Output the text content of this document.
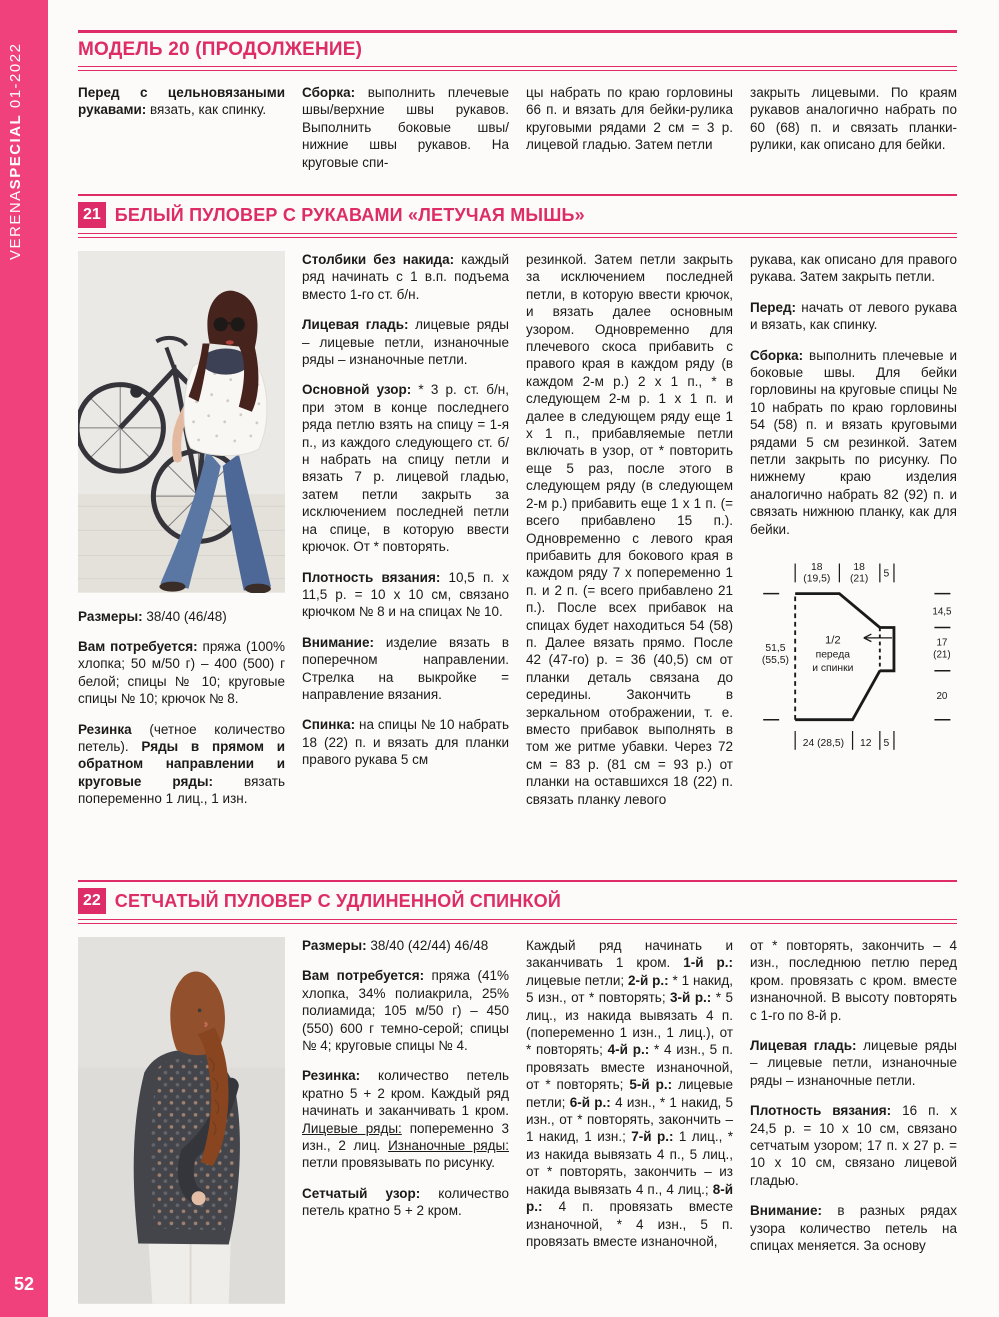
VERENASPECIAL 01-2022
52
МОДЕЛЬ 20 (ПРОДОЛЖЕНИЕ)

Перед с цельновязаными рукавами: вязать, как спинку.

Сборка: выполнить плечевые швы/верхние швы рукавов. Выполнить боковые швы/нижние швы рукавов. На круговые спи-

цы набрать по краю горловины 66 п. и вязать для бейки-рулика круговыми рядами 2 см = 3 р. лицевой гладью. Затем петли

закрыть лицевыми. По краям рукавов аналогично набрать по 60 (68) п. и связать планки-рулики, как описано для бейки.

21 БЕЛЫЙ ПУЛОВЕР С РУКАВАМИ «ЛЕТУЧАЯ МЫШЬ»

Размеры: 38/40 (46/48)

Вам потребуется: пряжа (100% хлопка; 50 м/50 г) – 400 (500) г белой; спицы № 10; круговые спицы № 10; крючок № 8.

Резинка (четное количество петель). Ряды в прямом и обратном направлении и круговые ряды: вязать попеременно 1 лиц., 1 изн.

Столбики без накида: каждый ряд начинать с 1 в.п. подъема вместо 1-го ст. б/н.

Лицевая гладь: лицевые ряды – лицевые петли, изнаночные ряды – изнаночные петли.

Основной узор: * 3 р. ст. б/н, при этом в конце последнего ряда петлю взять на спицу = 1-я п., из каждого следующего ст. б/н набрать на спицу петли и вязать 7 р. лицевой гладью, затем петли закрыть за исключением последней петли на спице, в которую ввести крючок. От * повторять.

Плотность вязания: 10,5 п. x 11,5 р. = 10 x 10 см, связано крючком № 8 и на спицах № 10.

Внимание: изделие вязать в поперечном направлении. Стрелка на выкройке = направление вязания.

Спинка: на спицы № 10 набрать 18 (22) п. и вязать для планки правого рукава 5 см

резинкой. Затем петли закрыть за исключением последней петли, в которую ввести крючок, и вязать далее основным узором. Одновременно для плечевого скоса прибавить с правого края в каждом ряду (в каждом 2-м р.) 2 x 1 п., * в следующем 2-м р. 1 x 1 п. и далее в следующем ряду еще 1 x 1 п., прибавляемые петли включать в узор, от * повторить еще 5 раз, после этого в следующем ряду (в следующем 2-м р.) прибавить еще 1 x 1 п. (= всего прибавлено 15 п.). Одновременно с левого края прибавить для бокового края в каждом ряду 7 x попеременно 1 п. и 2 п. (= всего прибавлено 21 п.). После всех прибавок на спицах будет находиться 54 (58) п. Далее вязать прямо. После 42 (47-го) р. = 36 (40,5) см от планки деталь связана до середины. Закончить в зеркальном отображении, т. е. вместо прибавок выполнять в том же ритме убавки. Через 72 см = 83 р. (81 см = 93 р.) от планки на оставшихся 18 (22) п. связать планку левого

рукава, как описано для правого рукава. Затем закрыть петли.

Перед: начать от левого рукава и вязать, как спинку.

Сборка: выполнить плечевые и боковые швы. Для бейки горловины на круговые спицы № 10 набрать по краю горловины 54 (58) п. и вязать круговыми рядами 5 см резинкой. Затем петли закрыть по рисунку. По нижнему краю изделия аналогично набрать 82 (92) п. и связать нижнюю планку, как для бейки.

18
(19,5)
18
(21) 5
51,5
(55,5)
1/2
переда
и спинки
14,5
17
(21)
20
24 (28,5) 12 5
22 СЕТЧАТЫЙ ПУЛОВЕР С УДЛИНЕННОЙ СПИНКОЙ

Размеры: 38/40 (42/44) 46/48

Вам потребуется: пряжа (41% хлопка, 34% полиакрила, 25% полиамида; 105 м/50 г) – 450 (550) 600 г темно-серой; спицы № 4; круговые спицы № 4.

Резинка: количество петель кратно 5 + 2 кром. Каждый ряд начинать и заканчивать 1 кром. Лицевые ряды: попеременно 3 изн., 2 лиц. Изнаночные ряды: петли провязывать по рисунку.

Сетчатый узор: количество петель кратно 5 + 2 кром.

Каждый ряд начинать и заканчивать 1 кром. 1-й р.: лицевые петли; 2-й р.: * 1 накид, 5 изн., от * повторять; 3-й р.: * 5 лиц., из накида вывязать 4 п. (попеременно 1 изн., 1 лиц.), от * повторять; 4-й р.: * 4 изн., 5 п. провязать вместе изнаночной, от * повторять; 5-й р.: лицевые петли; 6-й р.: 4 изн., * 1 накид, 5 изн., от * повторять, закончить – 1 накид, 1 изн.; 7-й р.: 1 лиц., * из накида вывязать 4 п., 5 лиц., от * повторять, закончить – из накида вывязать 4 п., 4 лиц.; 8-й р.: 4 п. провязать вместе изнаночной, * 4 изн., 5 п. провязать вместе изнаночной,

от * повторять, закончить – 4 изн., последнюю петлю перед кром. провязать с кром. вместе изнаночной. В высоту повторять с 1-го по 8-й р.

Лицевая гладь: лицевые ряды – лицевые петли, изнаночные ряды – изнаночные петли.

Плотность вязания: 16 п. x 24,5 р. = 10 x 10 см, связано сетчатым узором; 17 п. x 27 р. = 10 x 10 см, связано лицевой гладью.

Внимание: в разных рядах узора количество петель на спицах меняется. За основу
